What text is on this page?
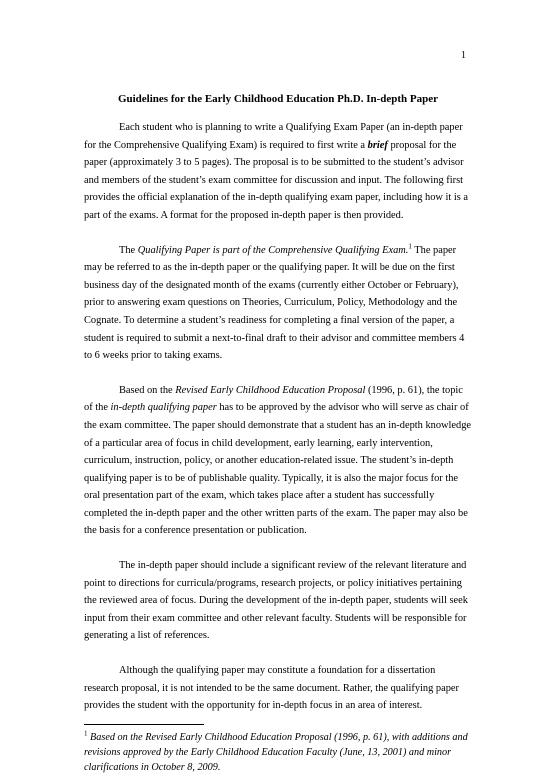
1
Guidelines for the Early Childhood Education Ph.D. In-depth Paper

Each student who is planning to write a Qualifying Exam Paper (an in-depth paper for the Comprehensive Qualifying Exam) is required to first write a brief proposal for the paper (approximately 3 to 5 pages). The proposal is to be submitted to the student’s advisor and members of the student’s exam committee for discussion and input. The following first provides the official explanation of the in-depth qualifying exam paper, including how it is a part of the exams. A format for the proposed in-depth paper is then provided.

The Qualifying Paper is part of the Comprehensive Qualifying Exam.$^1$ The paper may be referred to as the in-depth paper or the qualifying paper. It will be due on the first business day of the designated month of the exams (currently either October or February), prior to answering exam questions on Theories, Curriculum, Policy, Methodology and the Cognate. To determine a student’s readiness for completing a final version of the paper, a student is required to submit a next-to-final draft to their advisor and committee members 4 to 6 weeks prior to taking exams.

Based on the Revised Early Childhood Education Proposal (1996, p. 61), the topic of the in-depth qualifying paper has to be approved by the advisor who will serve as chair of the exam committee. The paper should demonstrate that a student has an in-depth knowledge of a particular area of focus in child development, early learning, early intervention, curriculum, instruction, policy, or another education-related issue. The student’s in-depth qualifying paper is to be of publishable quality. Typically, it is also the major focus for the oral presentation part of the exam, which takes place after a student has successfully completed the in-depth paper and the other written parts of the exam. The paper may also be the basis for a conference presentation or publication.

The in-depth paper should include a significant review of the relevant literature and point to directions for curricula/programs, research projects, or policy initiatives pertaining the reviewed area of focus. During the development of the in-depth paper, students will seek input from their exam committee and other relevant faculty. Students will be responsible for generating a list of references.

Although the qualifying paper may constitute a foundation for a dissertation research proposal, it is not intended to be the same document. Rather, the qualifying paper provides the student with the opportunity for in-depth focus in an area of interest.

$^1$ Based on the Revised Early Childhood Education Proposal (1996, p. 61), with additions and revisions approved by the Early Childhood Education Faculty (June, 13, 2001) and minor clarifications in October 8, 2009.
